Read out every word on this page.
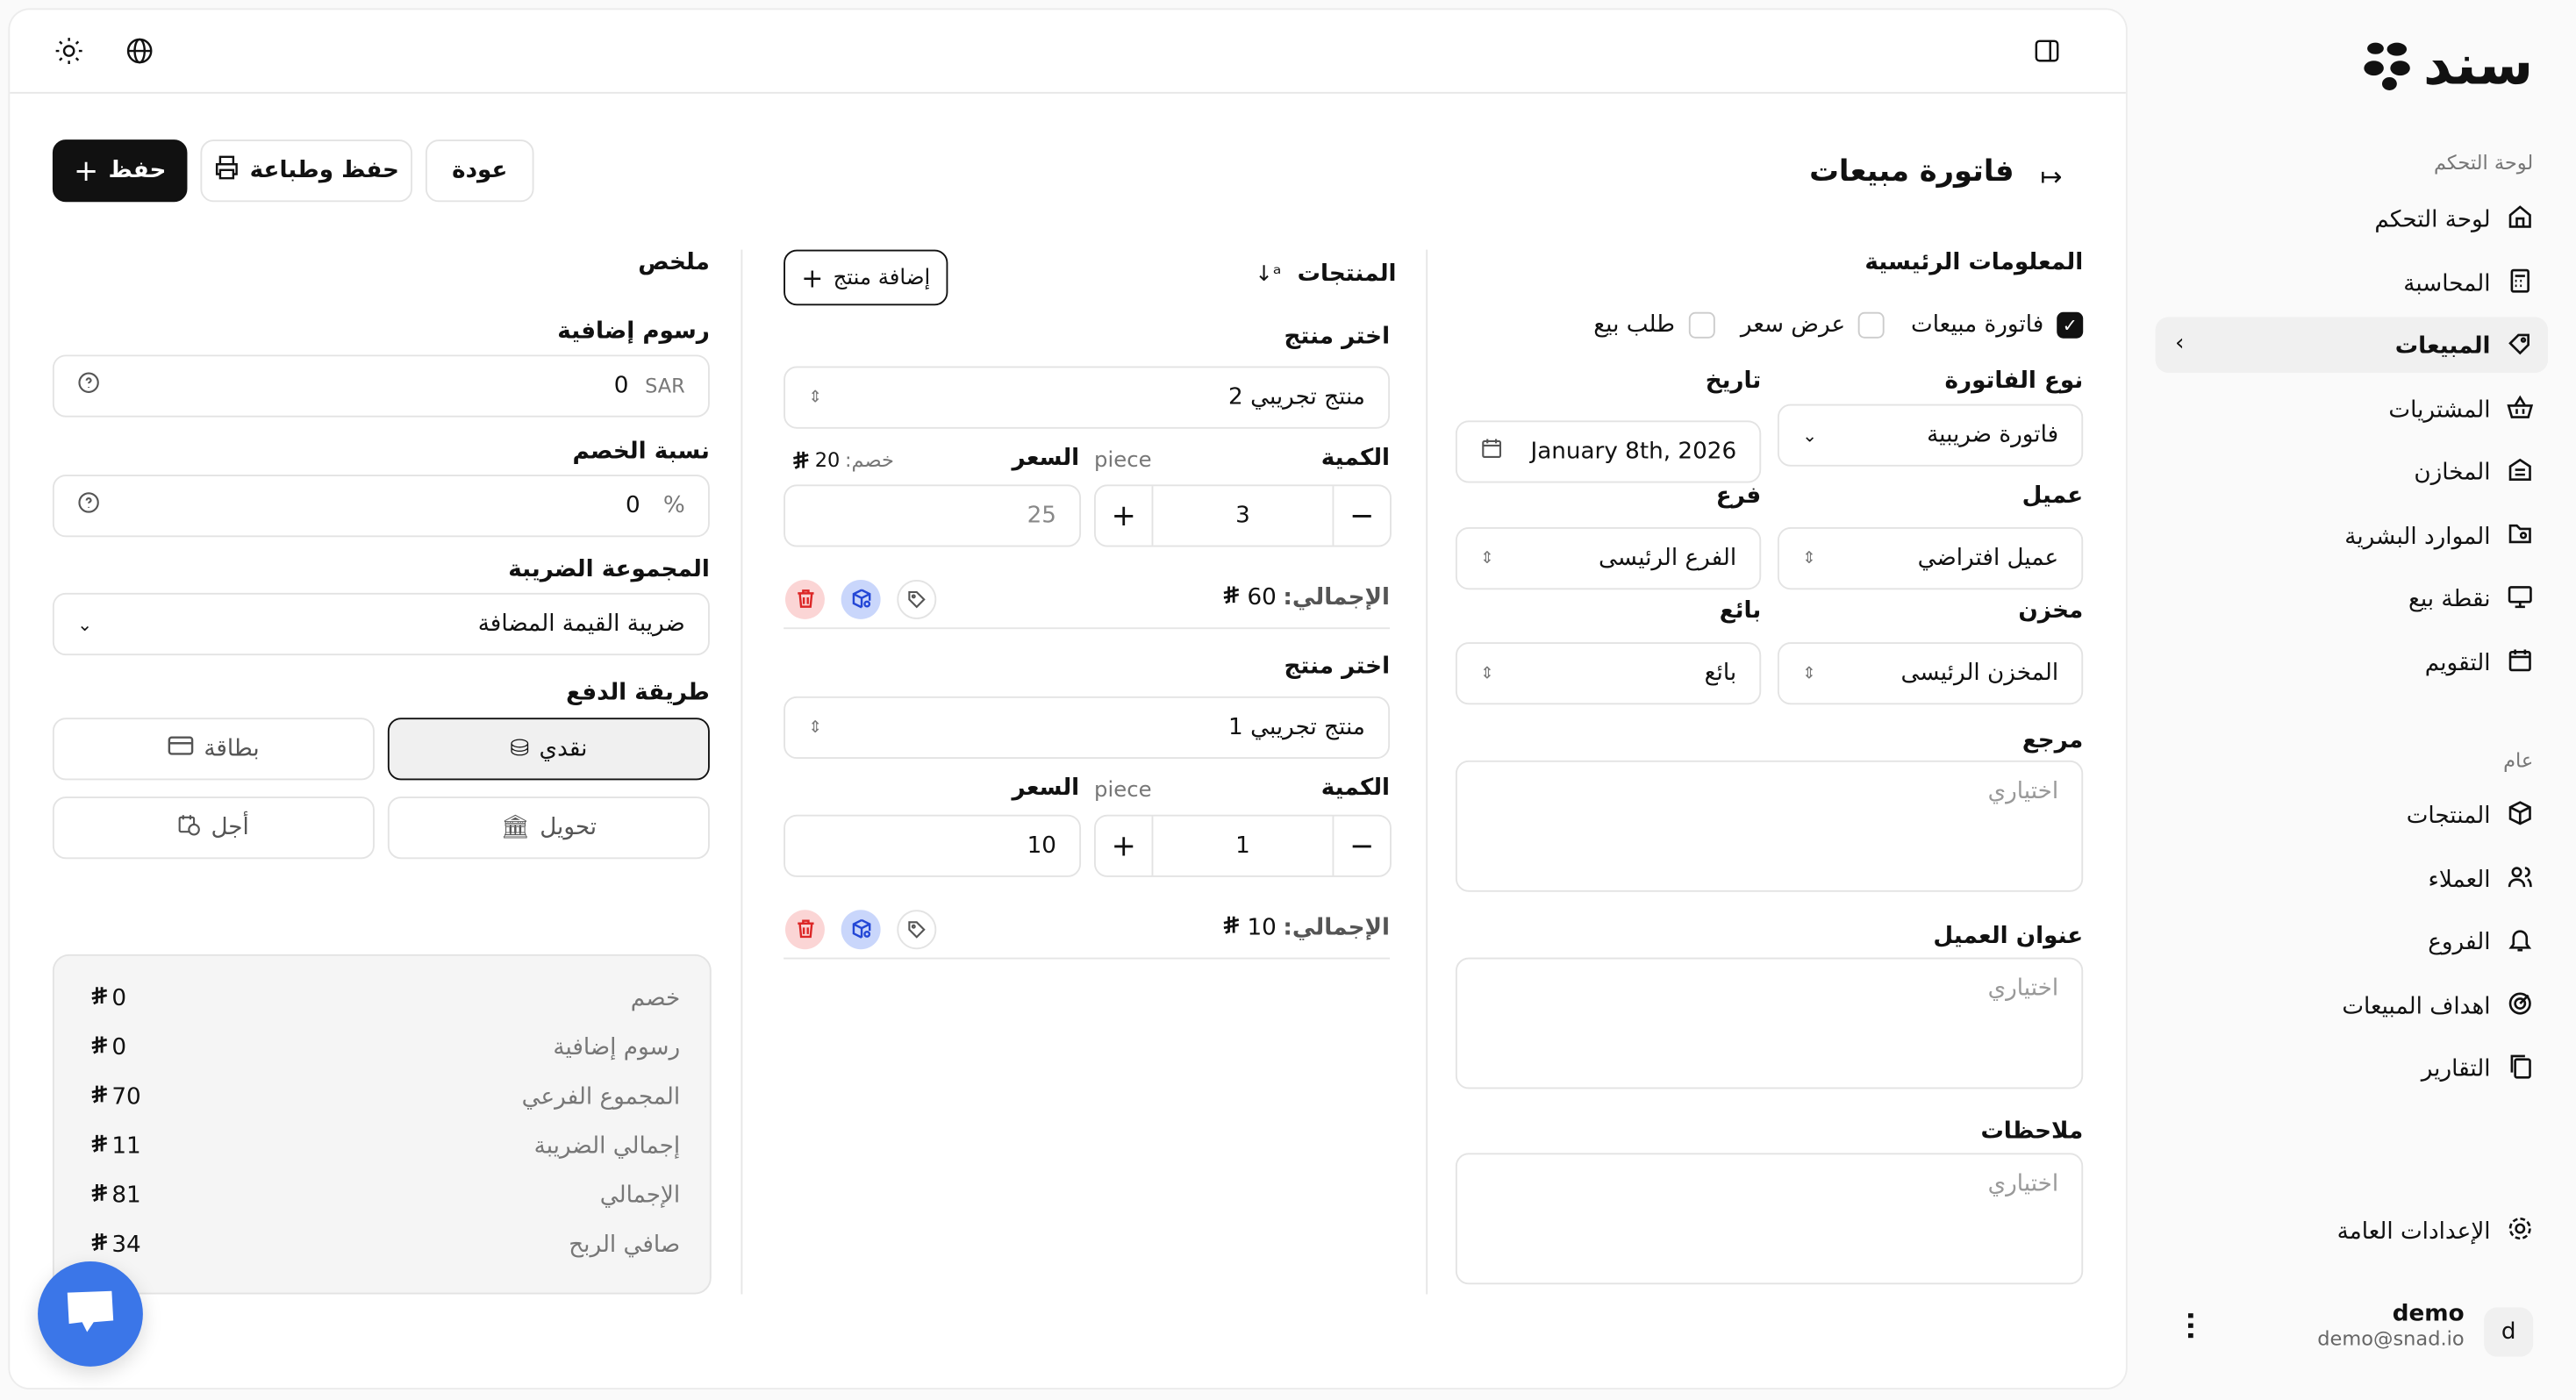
سند
لوحة التحكم
‹
لوحة التحكم
المحاسبة
المبيعات
المشتريات
المخازن
الموارد البشرية
نقطة بيع
التقويم
عام
المنتجات
العملاء
الفروع
اهداف المبيعات
التقارير
الإعدادات العامة
d
demo
demo@snad.io
···
↦
فاتورة مبيعات
حفظ
+	حفظ وطباعة	عودة
المعلومات الرئيسية
✓
فاتورة مبيعات
عرض سعر
طلب بيع
نوع الفاتورة
تاريخ
فاتورة ضريبية
⌄
January 8th, 2026
عميل
فرع
عميل افتراضي
⇕
الفرع الرئيسى
⇕
مخزن
بائع
المخزن الرئيسى
⇕
بائع
⇕
مرجع
اختياري
عنوان العميل
اختياري
ملاحظات
اختياري
المنتجات
↓ᵃ
إضافة منتج
+
اختر منتج
منتج تجريبي 2
⇕
الكمية
piece
السعر
خصم:
20
+	3	−
25
الإجمالي:
60
اختر منتج
منتج تجريبي 1
⇕
الكمية
piece
السعر
+	1	−
10
الإجمالي:
10
ملخص
رسوم إضافية
SAR
0
نسبة الخصم
%
0
المجموعة الضريبة
ضريبة القيمة المضافة
⌄
طريقة الدفع
نقدي
⛁
بطاقة
تحويل
🏛︎
أجل
خصم
0
رسوم إضافية
0
المجموع الفرعي
70
إجمالي الضريبة
11
الإجمالي
81
صافي الربح
34
